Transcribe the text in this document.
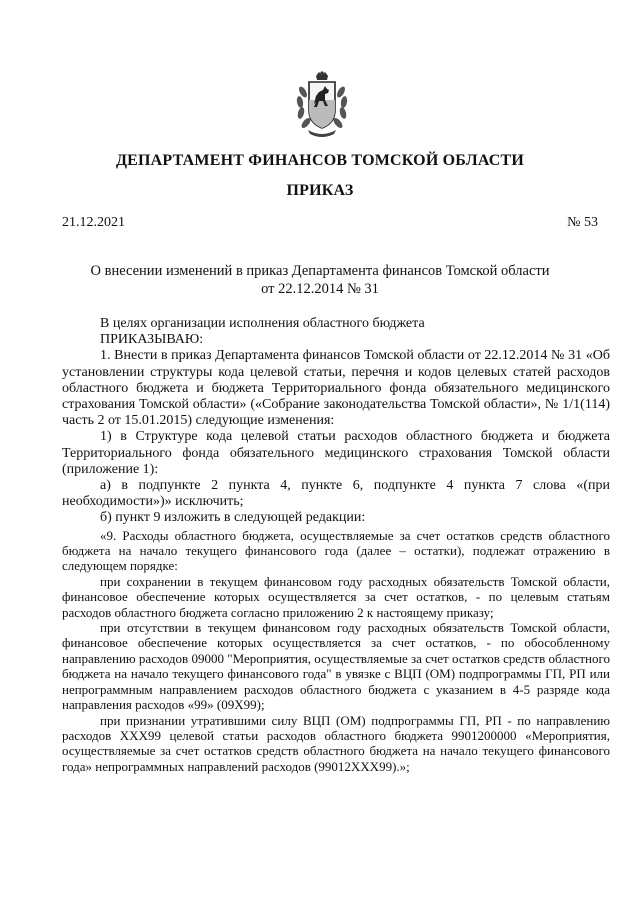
ДЕПАРТАМЕНТ ФИНАНСОВ ТОМСКОЙ ОБЛАСТИ
ПРИКАЗ
21.12.2021	№ 53
О внесении изменений в приказ Департамента финансов Томской области
от 22.12.2014 № 31

В целях организации исполнения областного бюджета

ПРИКАЗЫВАЮ:

1. Внести в приказ Департамента финансов Томской области от 22.12.2014 № 31 «Об установлении структуры кода целевой статьи, перечня и кодов целевых статей расходов областного бюджета и бюджета Территориального фонда обязательного медицинского страхования Томской области» («Собрание законодательства Томской области», № 1/1(114) часть 2 от 15.01.2015) следующие изменения:

1) в Структуре кода целевой статьи расходов областного бюджета и бюджета Территориального фонда обязательного медицинского страхования Томской области (приложение 1):

а) в подпункте 2 пункта 4, пункте 6, подпункте 4 пункта 7 слова «(при необходимости»)» исключить;

б) пункт 9 изложить в следующей редакции:

«9. Расходы областного бюджета, осуществляемые за счет остатков средств областного бюджета на начало текущего финансового года (далее – остатки), подлежат отражению в следующем порядке:

при сохранении в текущем финансовом году расходных обязательств Томской области, финансовое обеспечение которых осуществляется за счет остатков, - по целевым статьям расходов областного бюджета согласно приложению 2 к настоящему приказу;

при отсутствии в текущем финансовом году расходных обязательств Томской области, финансовое обеспечение которых осуществляется за счет остатков, - по обособленному направлению расходов 09000 "Мероприятия, осуществляемые за счет остатков средств областного бюджета на начало текущего финансового года" в увязке с ВЦП (ОМ) подпрограммы ГП, РП или непрограммным направлением расходов областного бюджета с указанием в 4-5 разряде кода направления расходов «99» (09Х99);

при признании утратившими силу ВЦП (ОМ) подпрограммы ГП, РП - по направлению расходов ХХХ99 целевой статьи расходов областного бюджета 9901200000 «Мероприятия, осуществляемые за счет остатков средств областного бюджета на начало текущего финансового года» непрограммных направлений расходов (99012ХХХ99).»;
